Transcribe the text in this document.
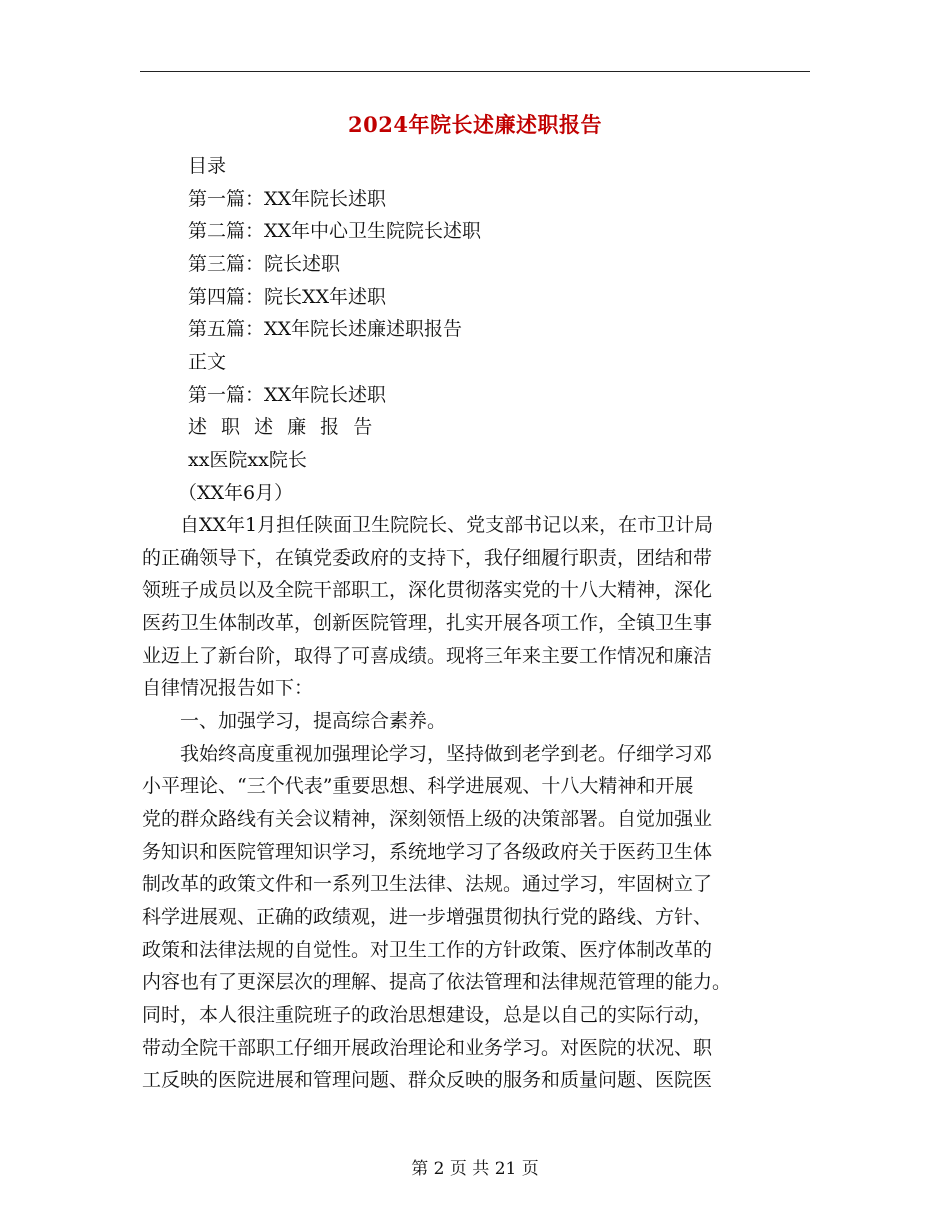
2024年院长述廉述职报告
目录
第一篇：XX年院长述职
第二篇：XX年中心卫生院院长述职
第三篇：院长述职
第四篇：院长XX年述职
第五篇：XX年院长述廉述职报告
正文
第一篇：XX年院长述职
述 职 述 廉 报 告
xx医院xx院长
（XX年6月）
　　自XX年1月担任陕面卫生院院长、党支部书记以来，在市卫计局
的正确领导下，在镇党委政府的支持下，我仔细履行职责，团结和带
领班子成员以及全院干部职工，深化贯彻落实党的十八大精神，深化
医药卫生体制改革，创新医院管理，扎实开展各项工作，全镇卫生事
业迈上了新台阶，取得了可喜成绩。现将三年来主要工作情况和廉洁
自律情况报告如下：
　　一、加强学习，提高综合素养。
　　我始终高度重视加强理论学习，坚持做到老学到老。仔细学习邓
小平理论、“三个代表”重要思想、科学进展观、十八大精神和开展
党的群众路线有关会议精神，深刻领悟上级的决策部署。自觉加强业
务知识和医院管理知识学习，系统地学习了各级政府关于医药卫生体
制改革的政策文件和一系列卫生法律、法规。通过学习，牢固树立了
科学进展观、正确的政绩观，进一步增强贯彻执行党的路线、方针、
政策和法律法规的自觉性。对卫生工作的方针政策、医疗体制改革的
内容也有了更深层次的理解、提高了依法管理和法律规范管理的能力。
同时，本人很注重院班子的政治思想建设，总是以自己的实际行动，
带动全院干部职工仔细开展政治理论和业务学习。对医院的状况、职
工反映的医院进展和管理问题、群众反映的服务和质量问题、医院医
第 2 页 共 21 页
